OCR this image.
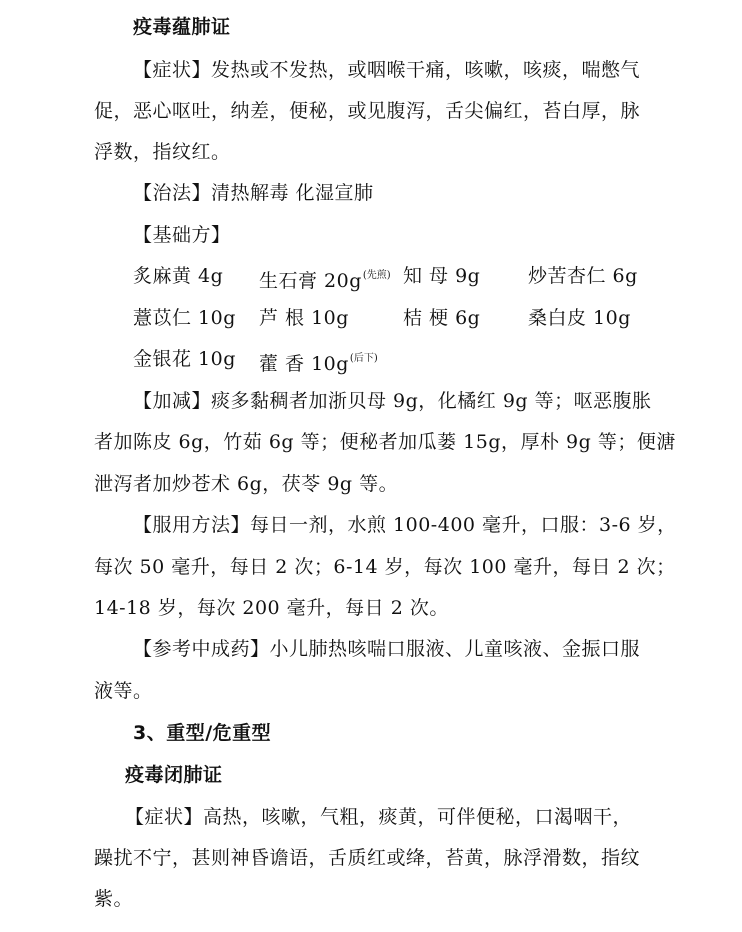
疫毒蕴肺证
【症状】发热或不发热，或咽喉干痛，咳嗽，咳痰，喘憋气
促，恶心呕吐，纳差，便秘，或见腹泻，舌尖偏红，苔白厚，脉
浮数，指纹红。
【治法】清热解毒 化湿宣肺
【基础方】
炙麻黄 4g 生石膏 20g$^{(先煎)}$ 知 母 9g	炒苦杏仁 6g
薏苡仁 10g 芦 根 10g	桔 梗 6g	桑白皮 10g
金银花 10g 藿 香 10g$^{(后下)}$
【加减】痰多黏稠者加浙贝母 9g，化橘红 9g 等；呕恶腹胀
者加陈皮 6g，竹茹 6g 等；便秘者加瓜蒌 15g，厚朴 9g 等；便溏
泄泻者加炒苍术 6g，茯苓 9g 等。
【服用方法】每日一剂，水煎 100-400 毫升，口服：3-6 岁，
每次 50 毫升，每日 2 次；6-14 岁，每次 100 毫升，每日 2 次；
14-18 岁，每次 200 毫升，每日 2 次。
【参考中成药】小儿肺热咳喘口服液、儿童咳液、金振口服
液等。
3、重型/危重型
疫毒闭肺证
【症状】高热，咳嗽，气粗，痰黄，可伴便秘，口渴咽干，
躁扰不宁，甚则神昏谵语，舌质红或绛，苔黄，脉浮滑数，指纹
紫。
